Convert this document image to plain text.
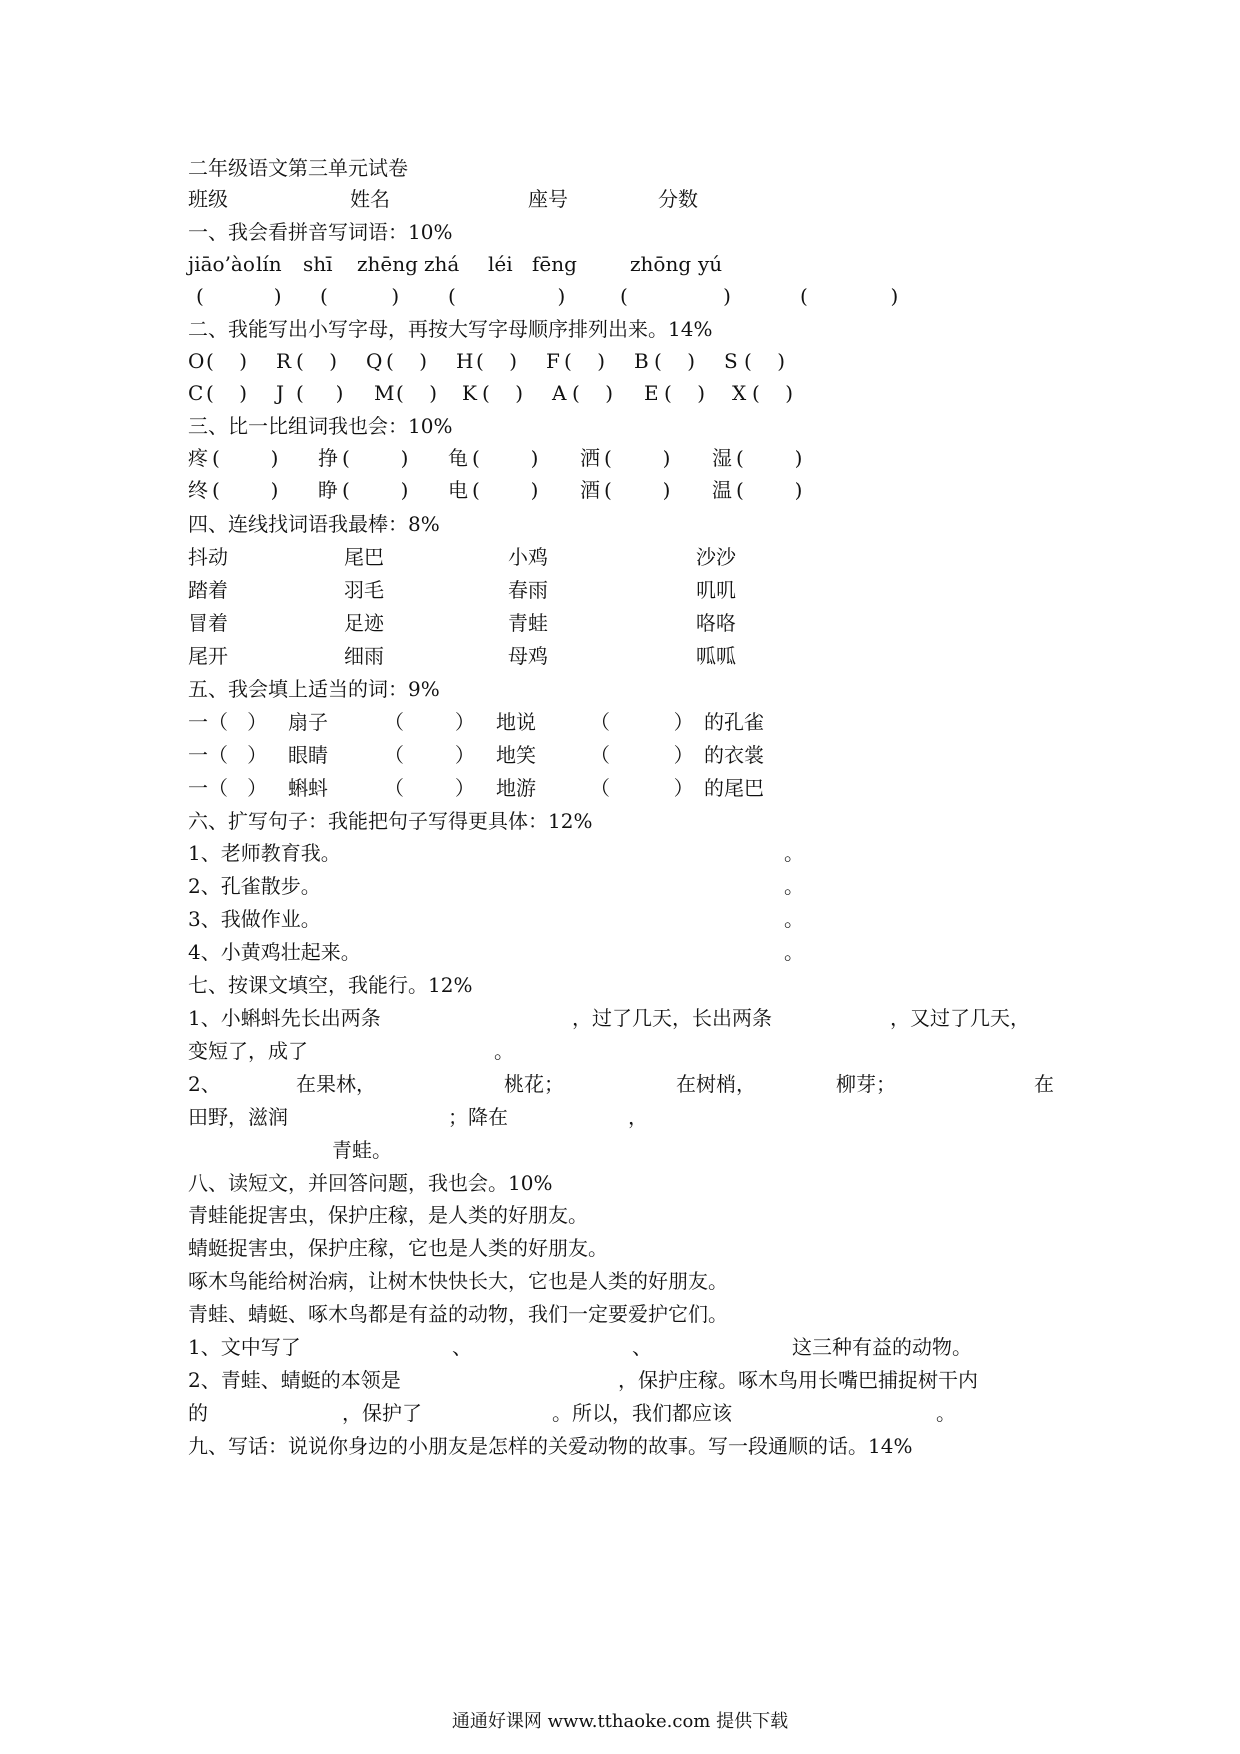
二年级语文第三单元试卷
班级	姓名	座号	分数
一、我会看拼音写词语：10%
jiāo’ào lín shī zhēng zhá léi fēng	zhōng yú
(           ) (          ) (                )	(               )	(             )
二、我能写出小写字母，再按大写字母顺序排列出来。14%
O (    ) R (    ) Q (    ) H (    ) F (    ) B (    ) S (    )
C (    ) J (     ) M (    ) K (    ) A (    ) E (    ) X (    )
三、比一比组词我也会：10%
疼 (        ) 挣 (        ) 龟 (        ) 洒 (        ) 湿 (        )
终 (        ) 睁 (        ) 电 (        ) 酒 (        ) 温 (        )
四、连线找词语我最棒：8%
抖动	尾巴	小鸡	沙沙
踏着	羽毛	春雨	叽叽
冒着	足迹	青蛙	咯咯
尾开	细雨	母鸡	呱呱
五、我会填上适当的词：9%
一（   ） 扇子	（        ） 地说	（          ） 的孔雀
一（   ） 眼睛	（        ） 地笑	（          ） 的衣裳
一（   ） 蝌蚪	（        ） 地游	（          ） 的尾巴
六、扩写句子：我能把句子写得更具体：12%
1、老师教育我。	。
2、孔雀散步。	。
3、我做作业。	。
4、小黄鸡壮起来。	。
七、按课文填空，我能行。12%
1、小蝌蚪先长出两条	，过了几天，长出两条	，又过了几天，
变短了，成了	。
2、	在果林，	桃花；	在树梢，	柳芽；	在
田野，滋润	；降在	，
青蛙。
八、读短文，并回答问题，我也会。10%
青蛙能捉害虫，保护庄稼，是人类的好朋友。
蜻蜓捉害虫，保护庄稼，它也是人类的好朋友。
啄木鸟能给树治病，让树木快快长大，它也是人类的好朋友。
青蛙、蜻蜓、啄木鸟都是有益的动物，我们一定要爱护它们。
1、文中写了	、	、	这三种有益的动物。
2、青蛙、蜻蜓的本领是	，保护庄稼。啄木鸟用长嘴巴捕捉树干内
的	，保护了	。所以，我们都应该	。
九、写话：说说你身边的小朋友是怎样的关爱动物的故事。写一段通顺的话。14%
通通好课网 www.tthaoke.com 提供下载
